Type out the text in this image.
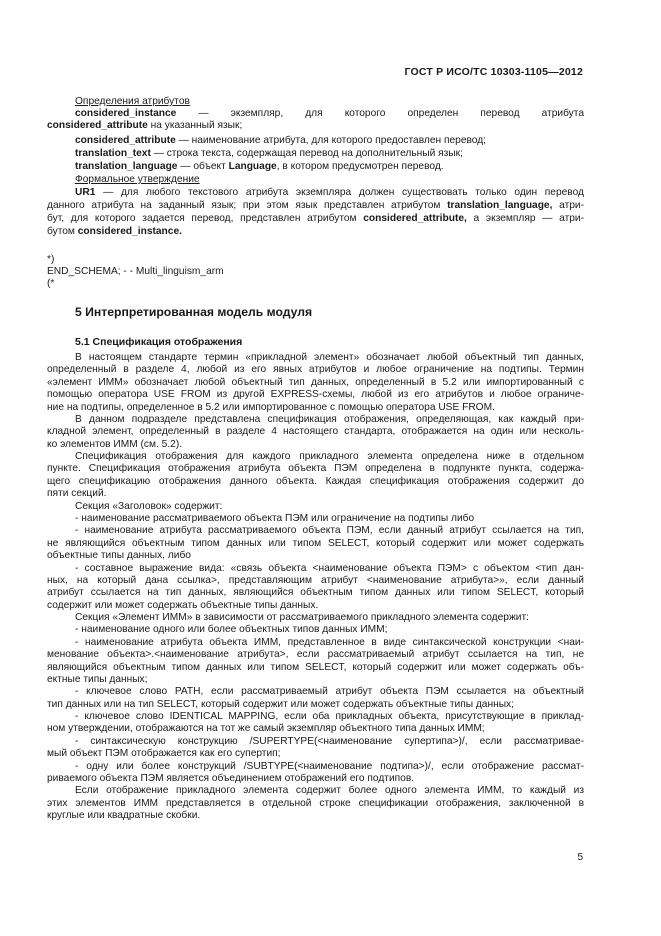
ГОСТ Р ИСО/ТС 10303-1105—2012
Определения атрибутов
considered_instance — экземпляр, для которого определен перевод атрибута
considered_attribute на указанный язык;
considered_attribute — наименование атрибута, для которого предоставлен перевод;
translation_text — строка текста, содержащая перевод на дополнительный язык;
translation_language — объект Language, в котором предусмотрен перевод.
Формальное утверждение
UR1 — для любого текстового атрибута экземпляра должен существовать только один перевод
данного атрибута на заданный язык; при этом язык представлен атрибутом translation_language, атри-
бут, для которого задается перевод, представлен атрибутом considered_attribute, а экземпляр — атри-
бутом considered_instance.
*)
END_SCHEMA; - - Multi_linguism_arm
(*
5 Интерпретированная модель модуля
5.1 Спецификация отображения
В настоящем стандарте термин «прикладной элемент» обозначает любой объектный тип данных,
определенный в разделе 4, любой из его явных атрибутов и любое ограничение на подтипы. Термин
«элемент ИММ» обозначает любой объектный тип данных, определенный в 5.2 или импортированный с
помощью оператора USE FROM из другой EXPRESS-схемы, любой из его атрибутов и любое ограниче-
ние на подтипы, определенное в 5.2 или импортированное с помощью оператора USE FROM.
В данном подразделе представлена спецификация отображения, определяющая, как каждый при-
кладной элемент, определенный в разделе 4 настоящего стандарта, отображается на один или несколь-
ко элементов ИММ (см. 5.2).
Спецификация отображения для каждого прикладного элемента определена ниже в отдельном
пункте. Спецификация отображения атрибута объекта ПЭМ определена в подпункте пункта, содержа-
щего спецификацию отображения данного объекта. Каждая спецификация отображения содержит до
пяти секций.
Секция «Заголовок» содержит:
- наименование рассматриваемого объекта ПЭМ или ограничение на подтипы либо
- наименование атрибута рассматриваемого объекта ПЭМ, если данный атрибут ссылается на тип,
не являющийся объектным типом данных или типом SELECT, который содержит или может содержать
объектные типы данных, либо
- составное выражение вида: «связь объекта <наименование объекта ПЭМ> с объектом <тип дан-
ных, на который дана ссылка>, представляющим атрибут <наименование атрибута>», если данный
атрибут ссылается на тип данных, являющийся объектным типом данных или типом SELECT, который
содержит или может содержать объектные типы данных.
Секция «Элемент ИММ» в зависимости от рассматриваемого прикладного элемента содержит:
- наименование одного или более объектных типов данных ИММ;
- наименование атрибута объекта ИММ, представленное в виде синтаксической конструкции <наи-
менование объекта>.<наименование атрибута>, если рассматриваемый атрибут ссылается на тип, не
являющийся объектным типом данных или типом SELECT, который содержит или может содержать объ-
ектные типы данных;
- ключевое слово PATH, если рассматриваемый атрибут объекта ПЭМ ссылается на объектный
тип данных или на тип SELECT, который содержит или может содержать объектные типы данных;
- ключевое слово IDENTICAL MAPPING, если оба прикладных объекта, присутствующие в приклад-
ном утверждении, отображаются на тот же самый экземпляр объектного типа данных ИММ;
- синтаксическую конструкцию /SUPERTYPE(<наименование супертипа>)/, если рассматривае-
мый объект ПЭМ отображается как его супертип;
- одну или более конструкций /SUBTYPE(<наименование подтипа>)/, если отображение рассмат-
риваемого объекта ПЭМ является объединением отображений его подтипов.
Если отображение прикладного элемента содержит более одного элемента ИММ, то каждый из
этих элементов ИММ представляется в отдельной строке спецификации отображения, заключенной в
круглые или квадратные скобки.
5
